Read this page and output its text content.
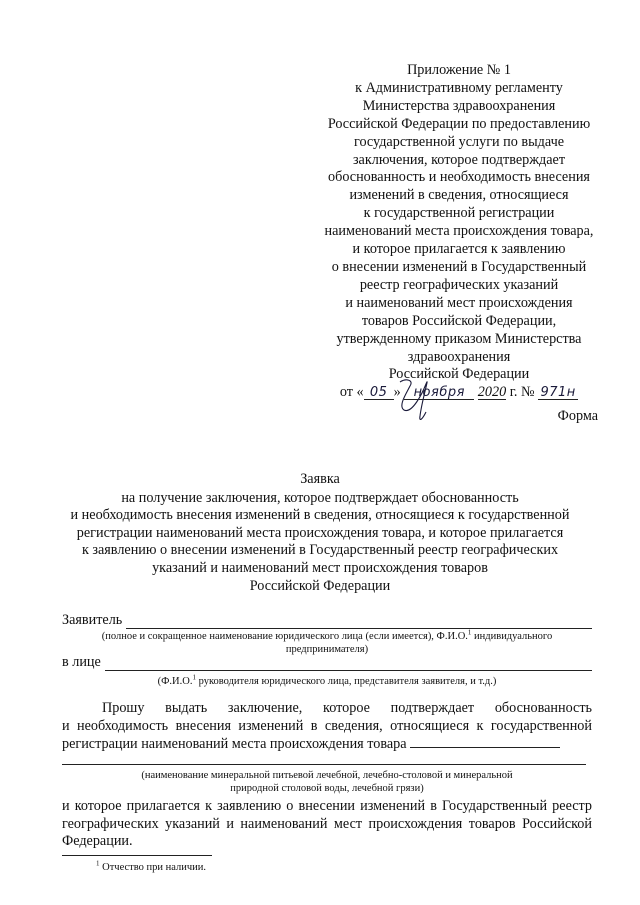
Приложение № 1
к Административному регламенту
Министерства здравоохранения
Российской Федерации по предоставлению
государственной услуги по выдаче
заключения, которое подтверждает
обоснованность и необходимость внесения
изменений в сведения, относящиеся
к государственной регистрации
наименований места происхождения товара,
и которое прилагается к заявлению
о внесении изменений в Государственный
реестр географических указаний
и наименований мест происхождения
товаров Российской Федерации,
утвержденному приказом Министерства
здравоохранения
Российской Федерации
от « 05 » ноября 2020 г. № 971н
Форма
Заявка
на получение заключения, которое подтверждает обоснованность
и необходимость внесения изменений в сведения, относящиеся к государственной
регистрации наименований места происхождения товара, и которое прилагается
к заявлению о внесении изменений в Государственный реестр географических
указаний и наименований мест происхождения товаров
Российской Федерации
Заявитель
(полное и сокращенное наименование юридического лица (если имеется), Ф.И.О.$^1$ индивидуального
предпринимателя)
в лице
(Ф.И.О.$^1$ руководителя юридического лица, представителя заявителя, и т.д.)
Прошу выдать заключение, которое подтверждает обоснованность
и необходимость внесения изменений в сведения, относящиеся к государственной
регистрации наименований места происхождения товара
(наименование минеральной питьевой лечебной, лечебно-столовой и минеральной
природной столовой воды, лечебной грязи)
и которое прилагается к заявлению о внесении изменений в Государственный реестр географических указаний и наименований мест происхождения товаров Российской Федерации.
$^1$ Отчество при наличии.
